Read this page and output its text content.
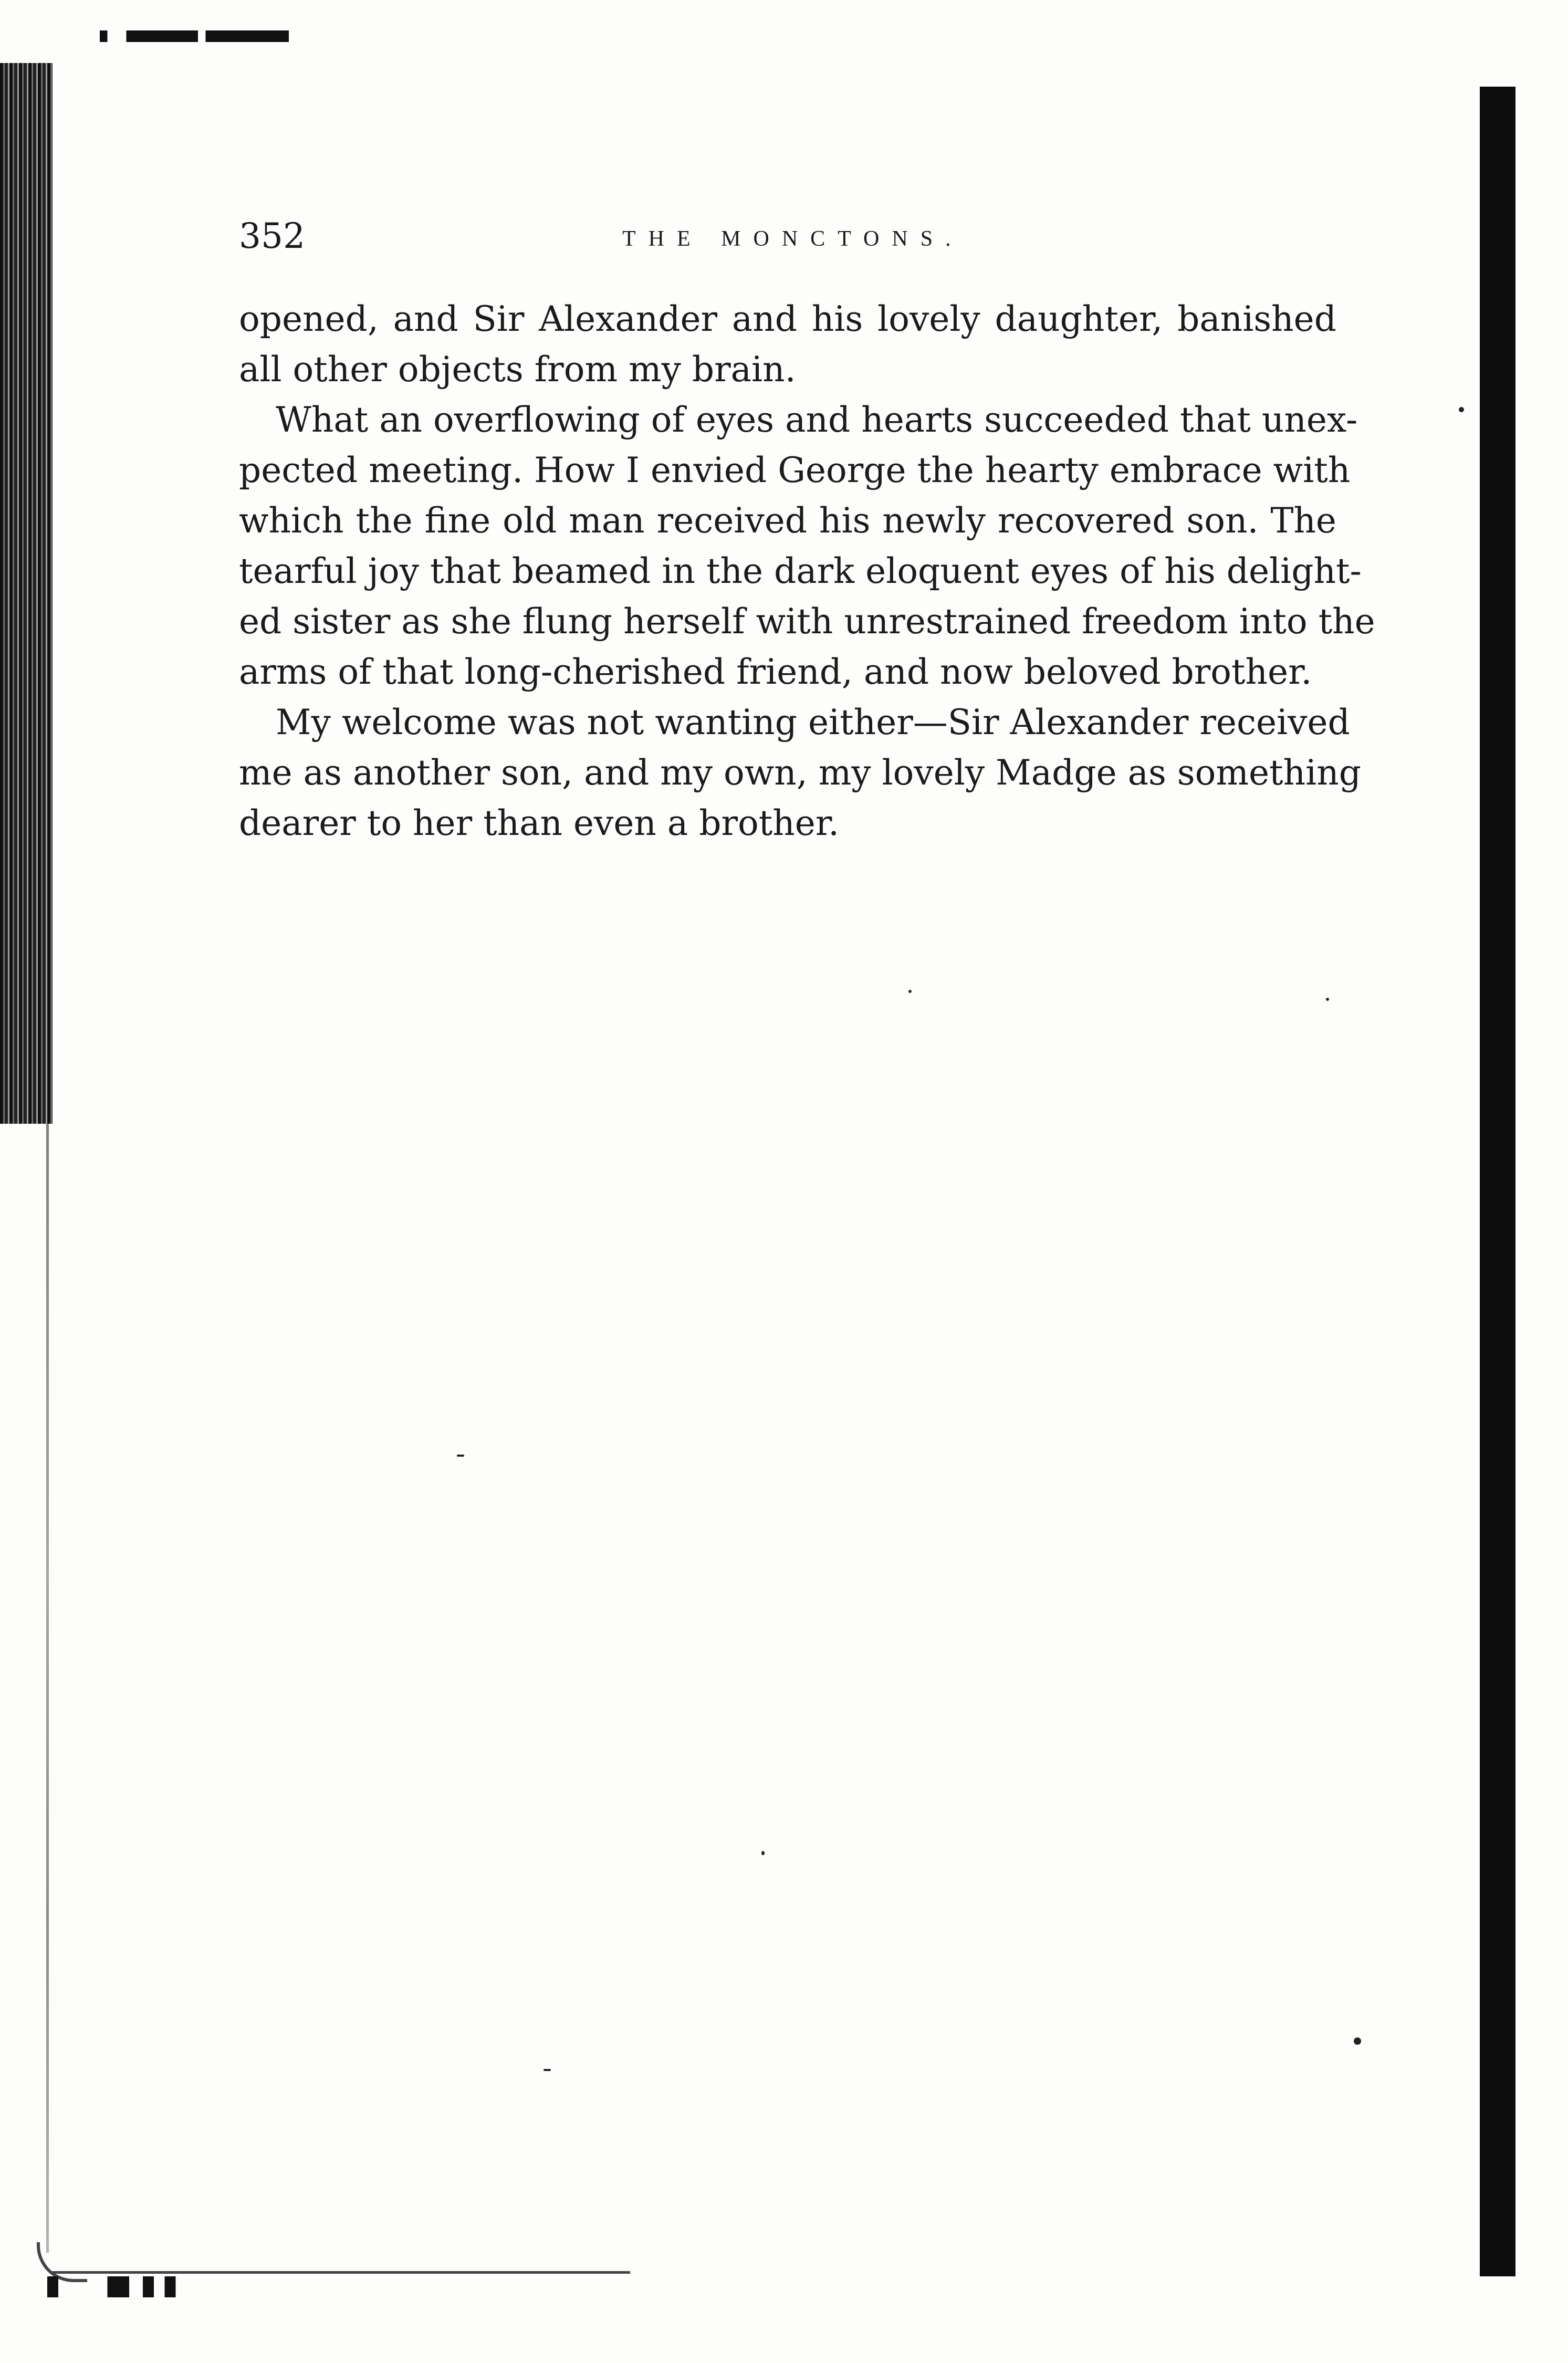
352	THE MONCTONS.

opened, and Sir Alexander and his lovely daughter, banished
all other objects from my brain.

What an overflowing of eyes and hearts succeeded that unex-
pected meeting. How I envied George the hearty embrace with
which the fine old man received his newly recovered son. The
tearful joy that beamed in the dark eloquent eyes of his delight-
ed sister as she flung herself with unrestrained freedom into the
arms of that long-cherished friend, and now beloved brother.

My welcome was not wanting either—Sir Alexander received
me as another son, and my own, my lovely Madge as something
dearer to her than even a brother.
